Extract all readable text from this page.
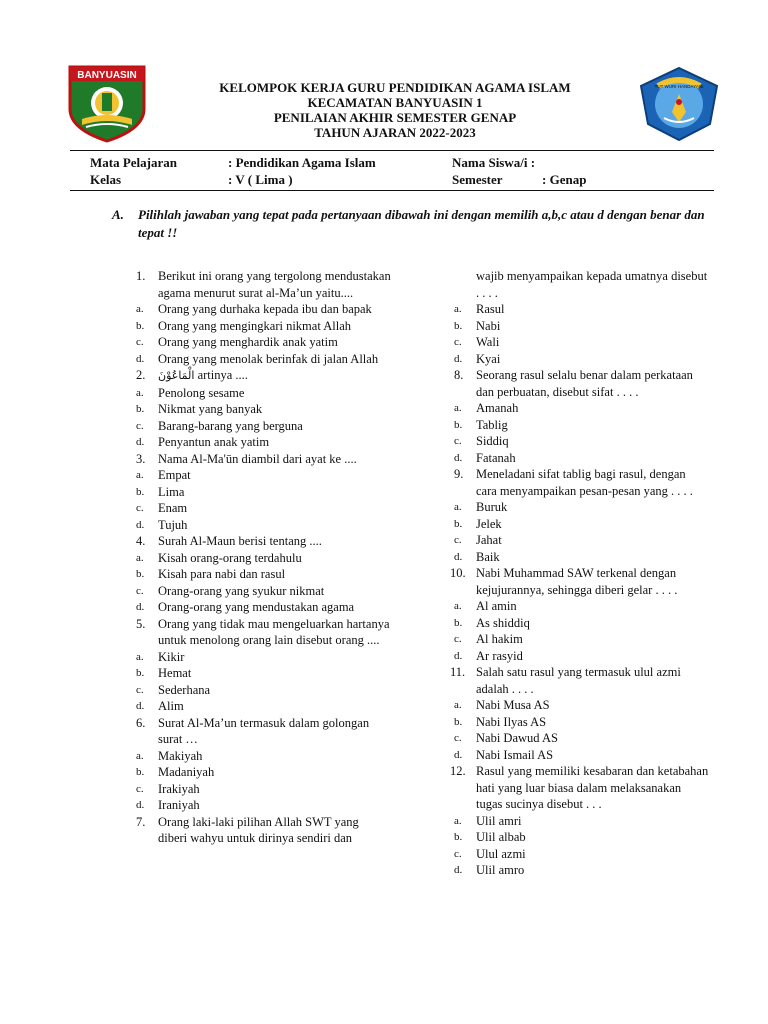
BANYUASIN
TUT WURI HANDAYANI
KELOMPOK KERJA GURU PENDIDIKAN AGAMA ISLAM
KECAMATAN BANYUASIN 1
PENILAIAN AKHIR SEMESTER GENAP
TAHUN AJARAN 2022-2023
Mata Pelajaran	: Pendidikan Agama Islam	Nama Siswa/i :
Kelas	: V ( Lima )	Semester	: Genap
A. Pilihlah jawaban yang tepat pada pertanyaan dibawah ini dengan memilih a,b,c atau d dengan benar dan tepat !!
1. Berikut ini orang yang tergolong mendustakan agama menurut surat al-Ma’un yaitu....
a. Orang yang durhaka kepada ibu dan bapak
b. Orang yang mengingkari nikmat Allah
c. Orang yang menghardik anak yatim
d. Orang yang menolak berinfak di jalan Allah
2. الْمَاعُوْنَ artinya ....
a. Penolong sesame
b. Nikmat yang banyak
c. Barang-barang yang berguna
d. Penyantun anak yatim
3. Nama Al-Ma'ūn diambil dari ayat ke ....
a. Empat
b. Lima
c. Enam
d. Tujuh
4. Surah Al-Maun berisi tentang ....
a. Kisah orang-orang terdahulu
b. Kisah para nabi dan rasul
c. Orang-orang yang syukur nikmat
d. Orang-orang yang mendustakan agama
5. Orang yang tidak mau mengeluarkan hartanya untuk menolong orang lain disebut orang ....
a. Kikir
b. Hemat
c. Sederhana
d. Alim
6. Surat Al-Ma’un termasuk dalam golongan surat …
a. Makiyah
b. Madaniyah
c. Irakiyah
d. Iraniyah
7. Orang laki-laki pilihan Allah SWT yang diberi wahyu untuk dirinya sendiri dan
wajib menyampaikan kepada umatnya disebut . . . .
a. Rasul
b. Nabi
c. Wali
d. Kyai
8. Seorang rasul selalu benar dalam perkataan dan perbuatan, disebut sifat . . . .
a. Amanah
b. Tablig
c. Siddiq
d. Fatanah
9. Meneladani sifat tablig bagi rasul, dengan cara menyampaikan pesan-pesan yang . . . .
a. Buruk
b. Jelek
c. Jahat
d. Baik
10. Nabi Muhammad SAW terkenal dengan kejujurannya, sehingga diberi gelar . . . .
a. Al amin
b. As shiddiq
c. Al hakim
d. Ar rasyid
11. Salah satu rasul yang termasuk ulul azmi adalah . . . .
a. Nabi Musa AS
b. Nabi Ilyas AS
c. Nabi Dawud AS
d. Nabi Ismail AS
12. Rasul yang memiliki kesabaran dan ketabahan hati yang luar biasa dalam melaksanakan tugas sucinya disebut . . .
a. Ulil amri
b. Ulil albab
c. Ulul azmi
d. Ulil amro
